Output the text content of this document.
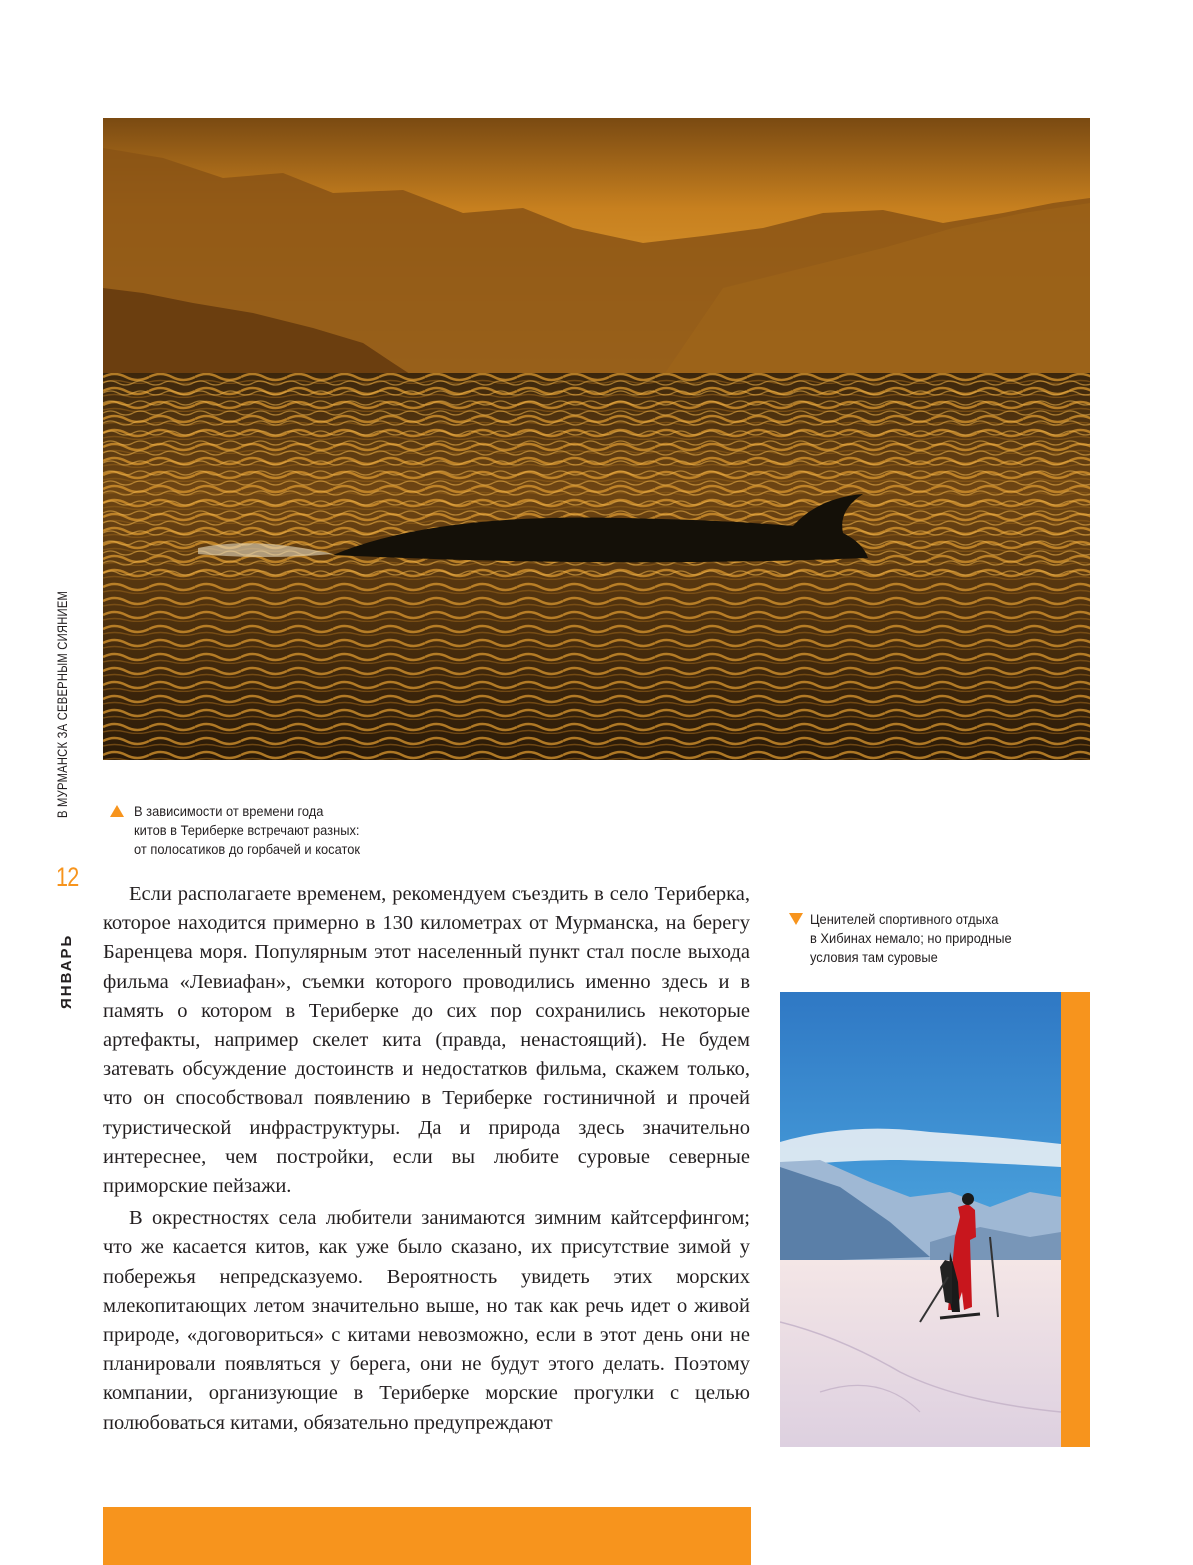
В МУРМАНСК ЗА СЕВЕРНЫМ СИЯНИЕМ
12
ЯНВАРЬ
В зависимости от времени года
китов в Териберке встречают разных:
от полосатиков до горбачей и косаток
Ценителей спортивного отдыха
в Хибинах немало; но природные
условия там суровые

Если располагаете временем, рекомендуем съездить в село Териберка, которое находится примерно в 130 километрах от Мурманска, на берегу Баренцева моря. Популярным этот населенный пункт стал после выхода фильма «Левиафан», съемки которого проводились именно здесь и в память о котором в Териберке до сих пор сохранились некоторые артефакты, например скелет кита (правда, ненастоящий). Не будем затевать обсуждение достоинств и недостатков фильма, скажем только, что он способствовал появлению в Териберке гостиничной и прочей туристической инфраструктуры. Да и природа здесь значительно интереснее, чем постройки, если вы любите суровые северные приморские пейзажи.

В окрестностях села любители занимаются зимним кайтсерфингом; что же касается китов, как уже было сказано, их присутствие зимой у побережья непредсказуемо. Вероятность увидеть этих морских млекопитающих летом значительно выше, но так как речь идет о живой природе, «договориться» с китами невозможно, если в этот день они не планировали появляться у берега, они не будут этого делать. Поэтому компании, организующие в Териберке морские прогулки с целью полюбоваться китами, обязательно предупреждают
